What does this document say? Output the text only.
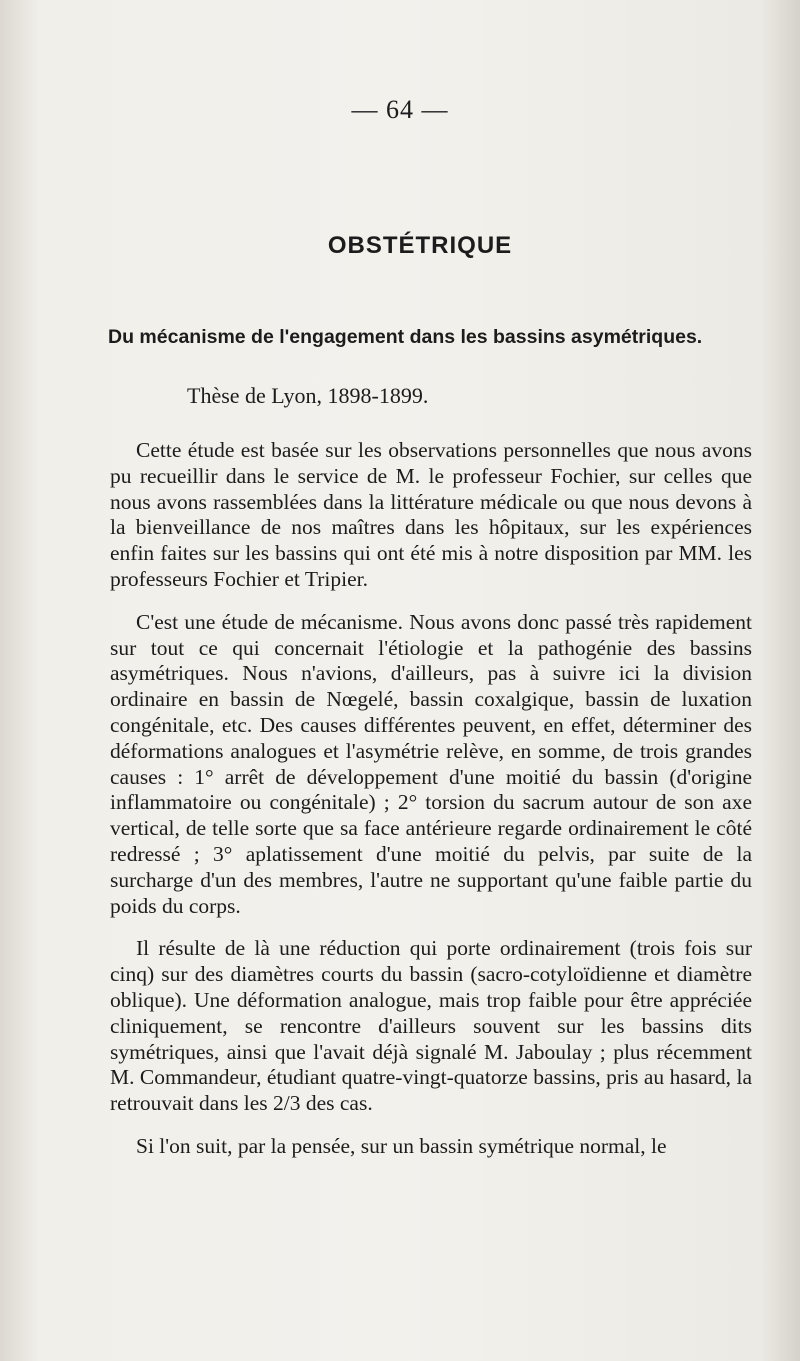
— 64 —
OBSTÉTRIQUE
Du mécanisme de l'engagement dans les bassins asymétriques.
Thèse de Lyon, 1898-1899.

Cette étude est basée sur les observations personnelles que nous avons pu recueillir dans le service de M. le professeur Fochier, sur celles que nous avons rassemblées dans la littérature médicale ou que nous devons à la bienveillance de nos maîtres dans les hôpitaux, sur les expériences enfin faites sur les bassins qui ont été mis à notre disposition par MM. les professeurs Fochier et Tripier.

C'est une étude de mécanisme. Nous avons donc passé très rapidement sur tout ce qui concernait l'étiologie et la pathogénie des bassins asymétriques. Nous n'avions, d'ailleurs, pas à suivre ici la division ordinaire en bassin de Nœgelé, bassin coxalgique, bassin de luxation congénitale, etc. Des causes différentes peuvent, en effet, déterminer des déformations analogues et l'asymétrie relève, en somme, de trois grandes causes : 1° arrêt de développement d'une moitié du bassin (d'origine inflammatoire ou congénitale) ; 2° torsion du sacrum autour de son axe vertical, de telle sorte que sa face antérieure regarde ordinairement le côté redressé ; 3° aplatissement d'une moitié du pelvis, par suite de la surcharge d'un des membres, l'autre ne supportant qu'une faible partie du poids du corps.

Il résulte de là une réduction qui porte ordinairement (trois fois sur cinq) sur des diamètres courts du bassin (sacro-cotyloïdienne et diamètre oblique). Une déformation analogue, mais trop faible pour être appréciée cliniquement, se rencontre d'ailleurs souvent sur les bassins dits symétriques, ainsi que l'avait déjà signalé M. Jaboulay ; plus récemment M. Commandeur, étudiant quatre-vingt-quatorze bassins, pris au hasard, la retrouvait dans les 2/3 des cas.

Si l'on suit, par la pensée, sur un bassin symétrique normal, le
